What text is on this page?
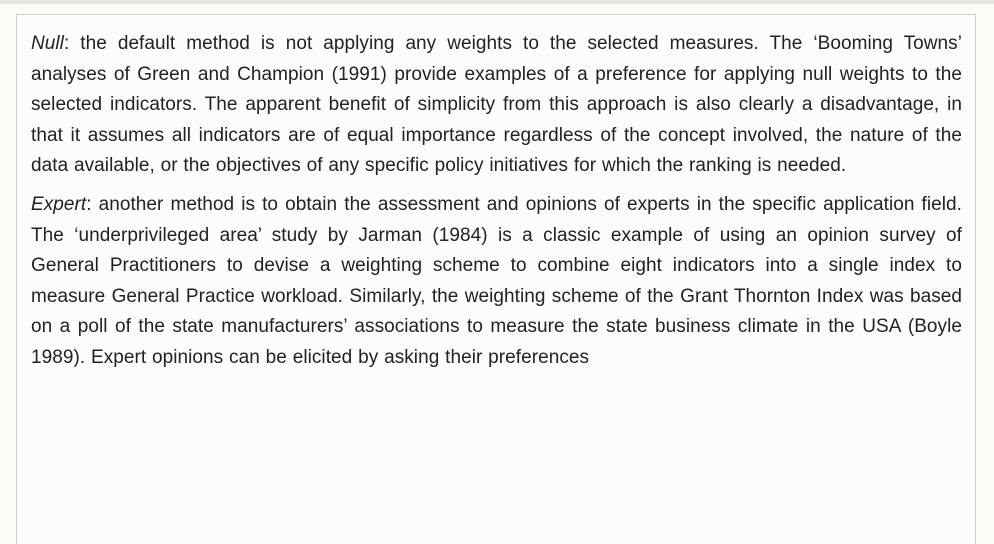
Null: the default method is not applying any weights to the selected measures. The ‘Booming Towns’ analyses of Green and Champion (1991) provide examples of a preference for applying null weights to the selected indicators. The apparent benefit of simplicity from this approach is also clearly a disadvantage, in that it assumes all indicators are of equal importance regardless of the concept involved, the nature of the data available, or the objectives of any specific policy initiatives for which the ranking is needed.

Expert: another method is to obtain the assessment and opinions of experts in the specific application field. The ‘underprivileged area’ study by Jarman (1984) is a classic example of using an opinion survey of General Practitioners to devise a weighting scheme to combine eight indicators into a single index to measure General Practice workload. Similarly, the weighting scheme of the Grant Thornton Index was based on a poll of the state manufacturers’ associations to measure the state business climate in the USA (Boyle 1989). Expert opinions can be elicited by asking their preferences
